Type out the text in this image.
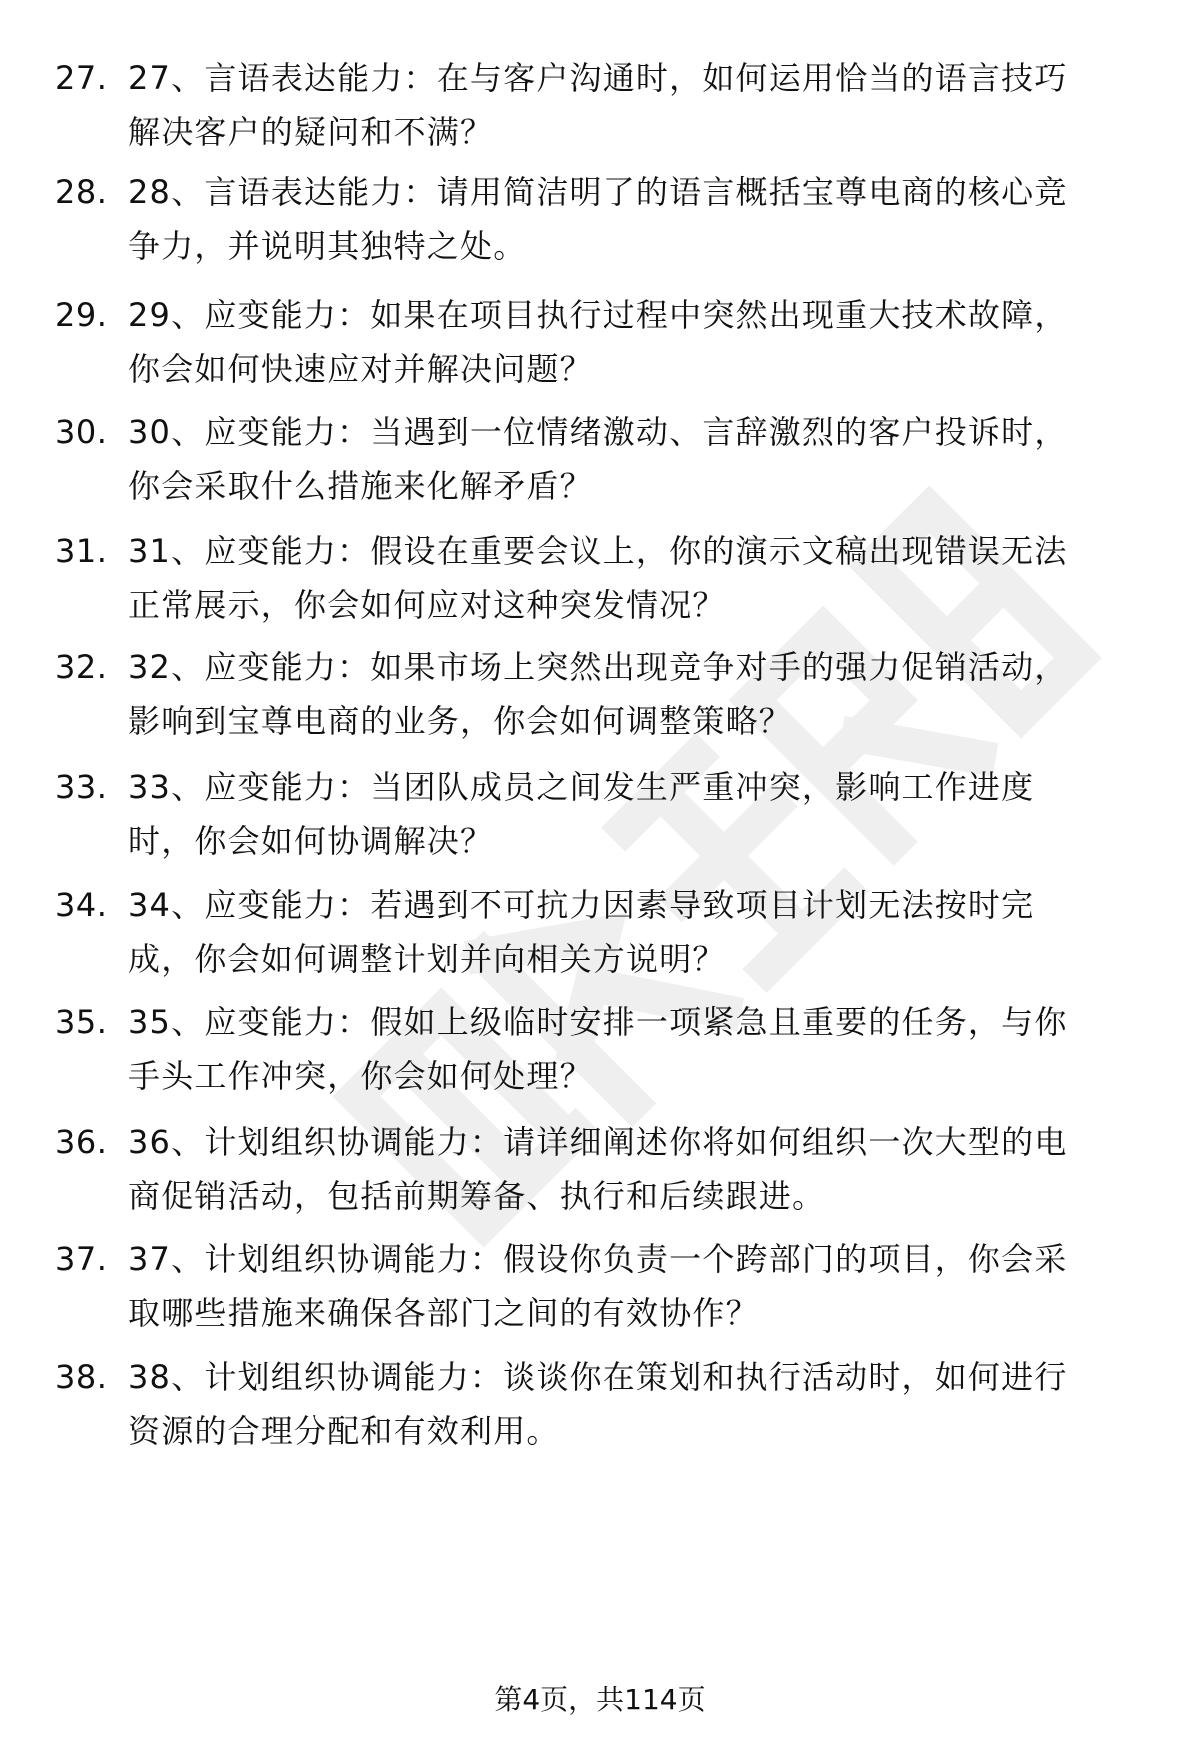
27. 27、言语表达能力：在与客户沟通时，如何运用恰当的语言技巧
解决客户的疑问和不满？
28. 28、言语表达能力：请用简洁明了的语言概括宝尊电商的核心竞
争力，并说明其独特之处。
29. 29、应变能力：如果在项目执行过程中突然出现重大技术故障，
你会如何快速应对并解决问题？
30. 30、应变能力：当遇到一位情绪激动、言辞激烈的客户投诉时，
你会采取什么措施来化解矛盾？
31. 31、应变能力：假设在重要会议上，你的演示文稿出现错误无法
正常展示，你会如何应对这种突发情况？
32. 32、应变能力：如果市场上突然出现竞争对手的强力促销活动，
影响到宝尊电商的业务，你会如何调整策略？
33. 33、应变能力：当团队成员之间发生严重冲突，影响工作进度
时，你会如何协调解决？
34. 34、应变能力：若遇到不可抗力因素导致项目计划无法按时完
成，你会如何调整计划并向相关方说明？
35. 35、应变能力：假如上级临时安排一项紧急且重要的任务，与你
手头工作冲突，你会如何处理？
36. 36、计划组织协调能力：请详细阐述你将如何组织一次大型的电
商促销活动，包括前期筹备、执行和后续跟进。
37. 37、计划组织协调能力：假设你负责一个跨部门的项目，你会采
取哪些措施来确保各部门之间的有效协作？
38. 38、计划组织协调能力：谈谈你在策划和执行活动时，如何进行
资源的合理分配和有效利用。
第4页，共114页
